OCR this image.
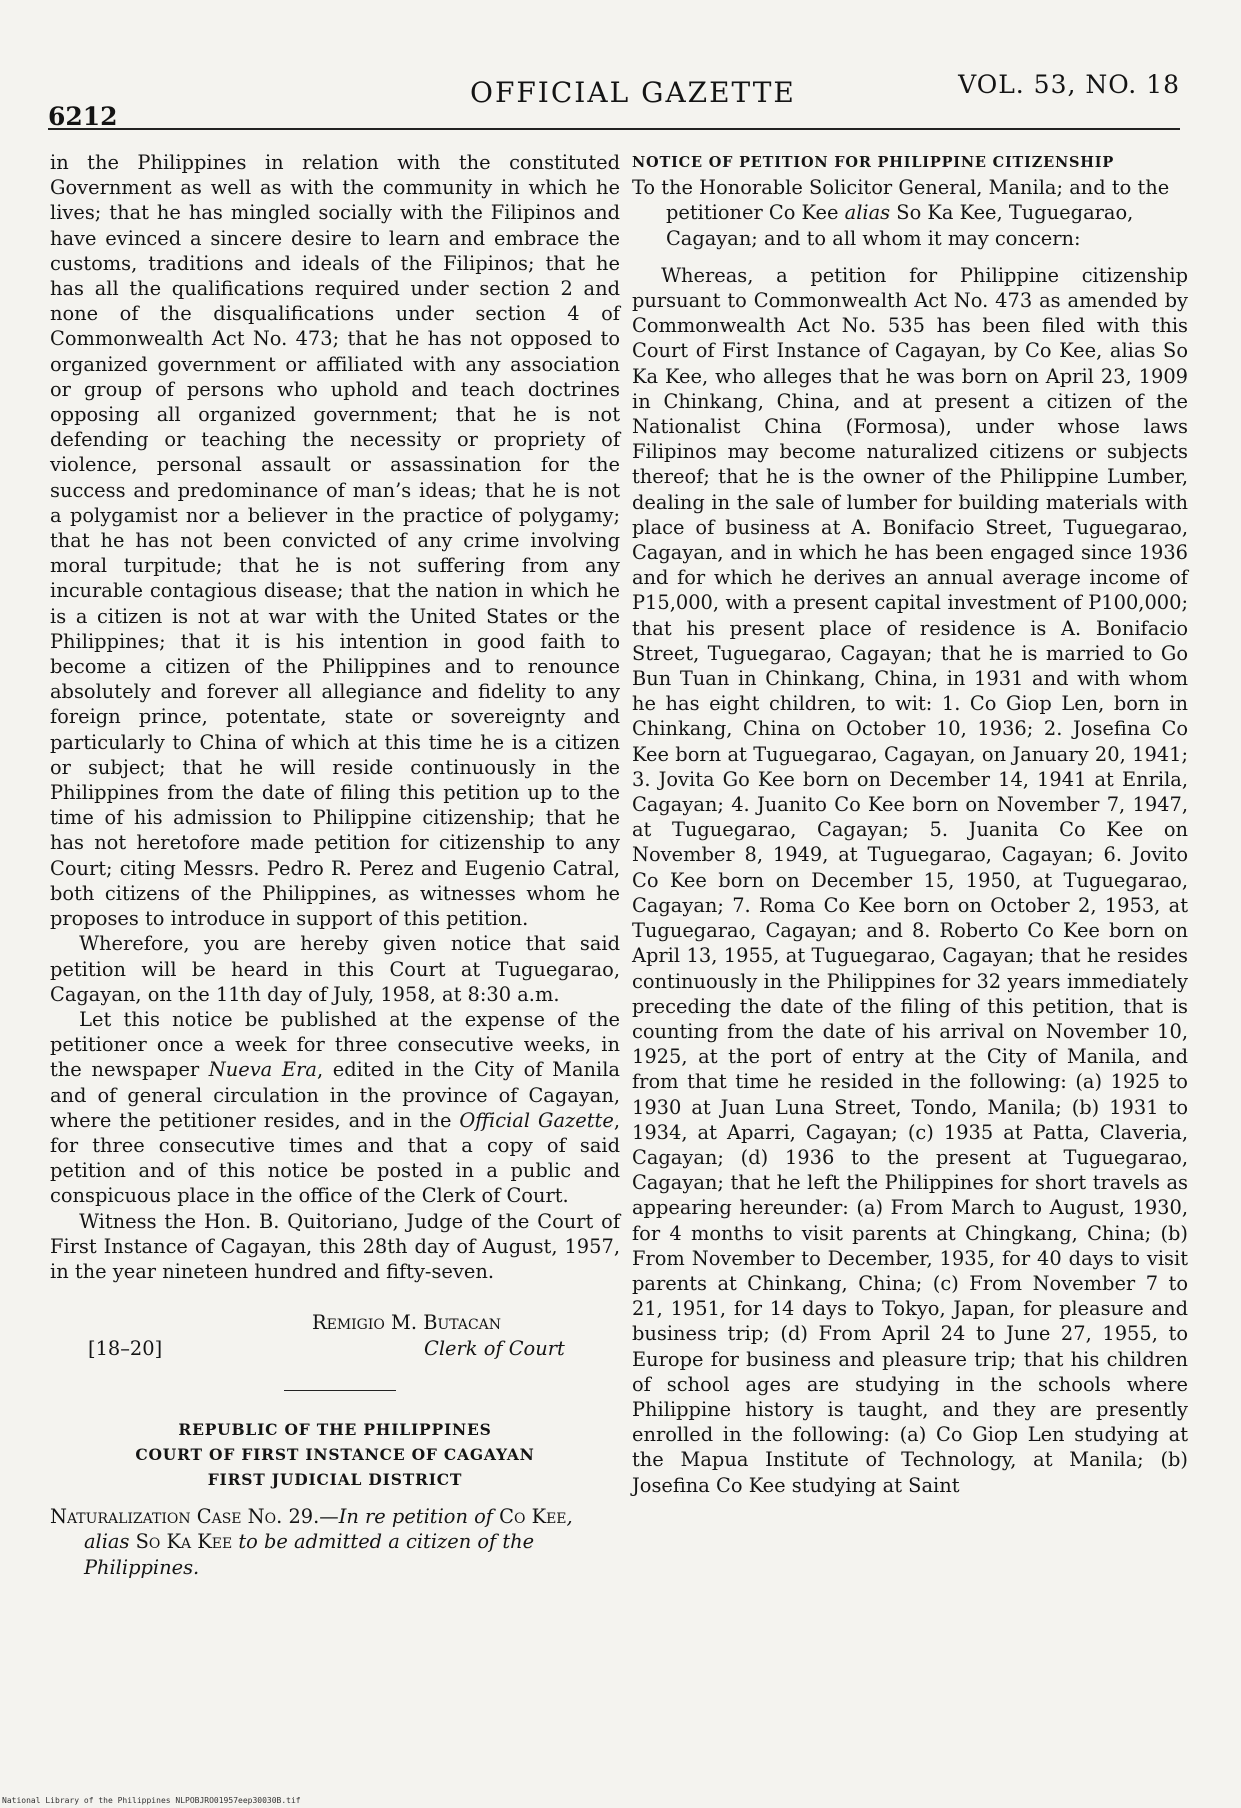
6212
OFFICIAL GAZETTE	VOL. 53, NO. 18

in the Philippines in relation with the constituted Government as well as with the community in which he lives; that he has mingled socially with the Filipinos and have evinced a sincere desire to learn and embrace the customs, traditions and ideals of the Filipinos; that he has all the qualifications required under section 2 and none of the disqualifications under section 4 of Commonwealth Act No. 473; that he has not opposed to organized government or affiliated with any association or group of persons who uphold and teach doctrines opposing all organized government; that he is not defending or teaching the necessity or propriety of violence, personal assault or assassination for the success and predominance of man’s ideas; that he is not a polygamist nor a believer in the practice of polygamy; that he has not been convicted of any crime involving moral turpitude; that he is not suffering from any incurable contagious disease; that the nation in which he is a citizen is not at war with the United States or the Philippines; that it is his intention in good faith to become a citizen of the Philippines and to renounce absolutely and forever all allegiance and fidelity to any foreign prince, potentate, state or sovereignty and particularly to China of which at this time he is a citizen or subject; that he will reside continuously in the Philippines from the date of filing this petition up to the time of his admission to Philippine citizenship; that he has not heretofore made petition for citizenship to any Court; citing Messrs. Pedro R. Perez and Eugenio Catral, both citizens of the Philippines, as witnesses whom he proposes to introduce in support of this petition.

Wherefore, you are hereby given notice that said petition will be heard in this Court at Tuguegarao, Cagayan, on the 11th day of July, 1958, at 8:30 a.m.

Let this notice be published at the expense of the petitioner once a week for three consecutive weeks, in the newspaper Nueva Era, edited in the City of Manila and of general circulation in the province of Cagayan, where the petitioner resides, and in the Official Gazette, for three consecutive times and that a copy of said petition and of this notice be posted in a public and conspicuous place in the office of the Clerk of Court.

Witness the Hon. B. Quitoriano, Judge of the Court of First Instance of Cagayan, this 28th day of August, 1957, in the year nineteen hundred and fifty-seven.

Remigio M. Butacan
[18–20]	Clerk of Court

REPUBLIC OF THE PHILIPPINES

COURT OF FIRST INSTANCE OF CAGAYAN

FIRST JUDICIAL DISTRICT

Naturalization Case No. 29.—In re petition of Co Kee, alias So Ka Kee to be admitted a citizen of the Philippines.

NOTICE OF PETITION FOR PHILIPPINE CITIZENSHIP

To the Honorable Solicitor General, Manila; and to the petitioner Co Kee alias So Ka Kee, Tuguegarao, Cagayan; and to all whom it may concern:

Whereas, a petition for Philippine citizenship pursuant to Commonwealth Act No. 473 as amended by Commonwealth Act No. 535 has been filed with this Court of First Instance of Cagayan, by Co Kee, alias So Ka Kee, who alleges that he was born on April 23, 1909 in Chinkang, China, and at present a citizen of the Nationalist China (Formosa), under whose laws Filipinos may become naturalized citizens or subjects thereof; that he is the owner of the Philippine Lumber, dealing in the sale of lumber for building materials with place of business at A. Bonifacio Street, Tuguegarao, Cagayan, and in which he has been engaged since 1936 and for which he derives an annual average income of P15,000, with a present capital investment of P100,000; that his present place of residence is A. Bonifacio Street, Tuguegarao, Cagayan; that he is married to Go Bun Tuan in Chinkang, China, in 1931 and with whom he has eight children, to wit: 1. Co Giop Len, born in Chinkang, China on October 10, 1936; 2. Josefina Co Kee born at Tuguegarao, Cagayan, on January 20, 1941; 3. Jovita Go Kee born on December 14, 1941 at Enrila, Cagayan; 4. Juanito Co Kee born on November 7, 1947, at Tuguegarao, Cagayan; 5. Juanita Co Kee on November 8, 1949, at Tuguegarao, Cagayan; 6. Jovito Co Kee born on December 15, 1950, at Tuguegarao, Cagayan; 7. Roma Co Kee born on October 2, 1953, at Tuguegarao, Cagayan; and 8. Roberto Co Kee born on April 13, 1955, at Tuguegarao, Cagayan; that he resides continuously in the Philippines for 32 years immediately preceding the date of the filing of this petition, that is counting from the date of his arrival on November 10, 1925, at the port of entry at the City of Manila, and from that time he resided in the following: (a) 1925 to 1930 at Juan Luna Street, Tondo, Manila; (b) 1931 to 1934, at Aparri, Cagayan; (c) 1935 at Patta, Claveria, Cagayan; (d) 1936 to the present at Tuguegarao, Cagayan; that he left the Philippines for short travels as appearing hereunder: (a) From March to August, 1930, for 4 months to visit parents at Chingkang, China; (b) From November to December, 1935, for 40 days to visit parents at Chinkang, China; (c) From November 7 to 21, 1951, for 14 days to Tokyo, Japan, for pleasure and business trip; (d) From April 24 to June 27, 1955, to Europe for business and pleasure trip; that his children of school ages are studying in the schools where Philippine history is taught, and they are presently enrolled in the following: (a) Co Giop Len studying at the Mapua Institute of Technology, at Manila; (b) Josefina Co Kee studying at Saint

National Library of the Philippines NLPOBJRO01957eep30030B.tif
